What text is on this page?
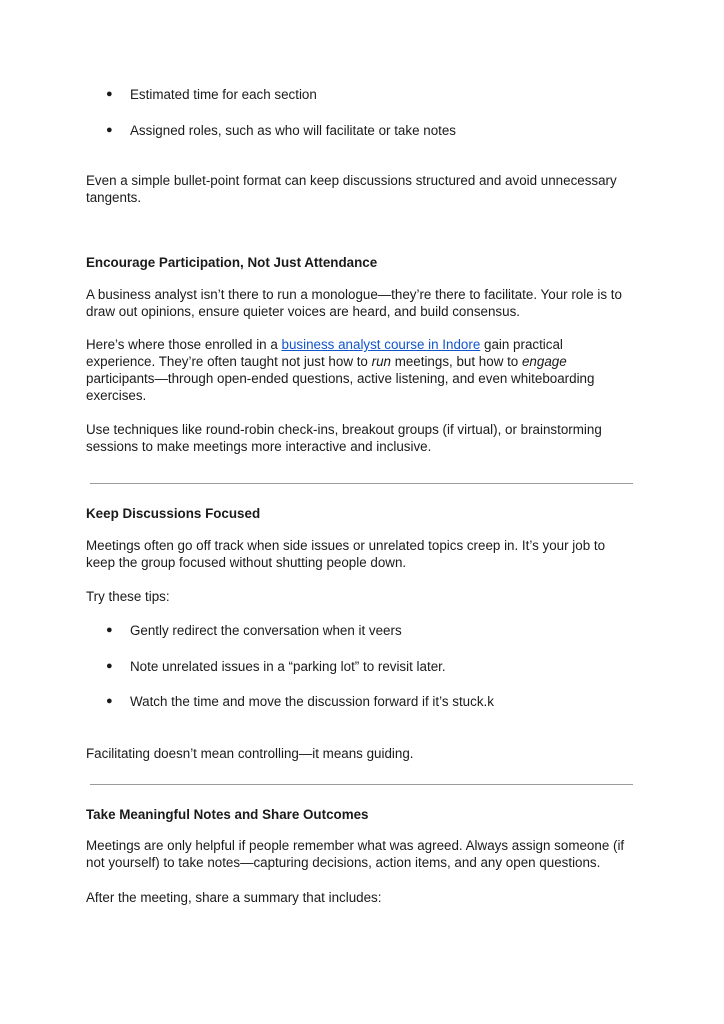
●	Estimated time for each section
●	Assigned roles, such as who will facilitate or take notes

Even a simple bullet-point format can keep discussions structured and avoid unnecessary tangents.

Encourage Participation, Not Just Attendance

A business analyst isn’t there to run a monologue—they’re there to facilitate. Your role is to draw out opinions, ensure quieter voices are heard, and build consensus.

Here’s where those enrolled in a business analyst course in Indore gain practical experience. They’re often taught not just how to run meetings, but how to engage participants—through open-ended questions, active listening, and even whiteboarding exercises.

Use techniques like round-robin check-ins, breakout groups (if virtual), or brainstorming sessions to make meetings more interactive and inclusive.

Keep Discussions Focused

Meetings often go off track when side issues or unrelated topics creep in. It’s your job to keep the group focused without shutting people down.

Try these tips:

●	Gently redirect the conversation when it veers
●	Note unrelated issues in a “parking lot” to revisit later.
●	Watch the time and move the discussion forward if it’s stuck.k

Facilitating doesn’t mean controlling—it means guiding.

Take Meaningful Notes and Share Outcomes

Meetings are only helpful if people remember what was agreed. Always assign someone (if not yourself) to take notes—capturing decisions, action items, and any open questions.

After the meeting, share a summary that includes:
